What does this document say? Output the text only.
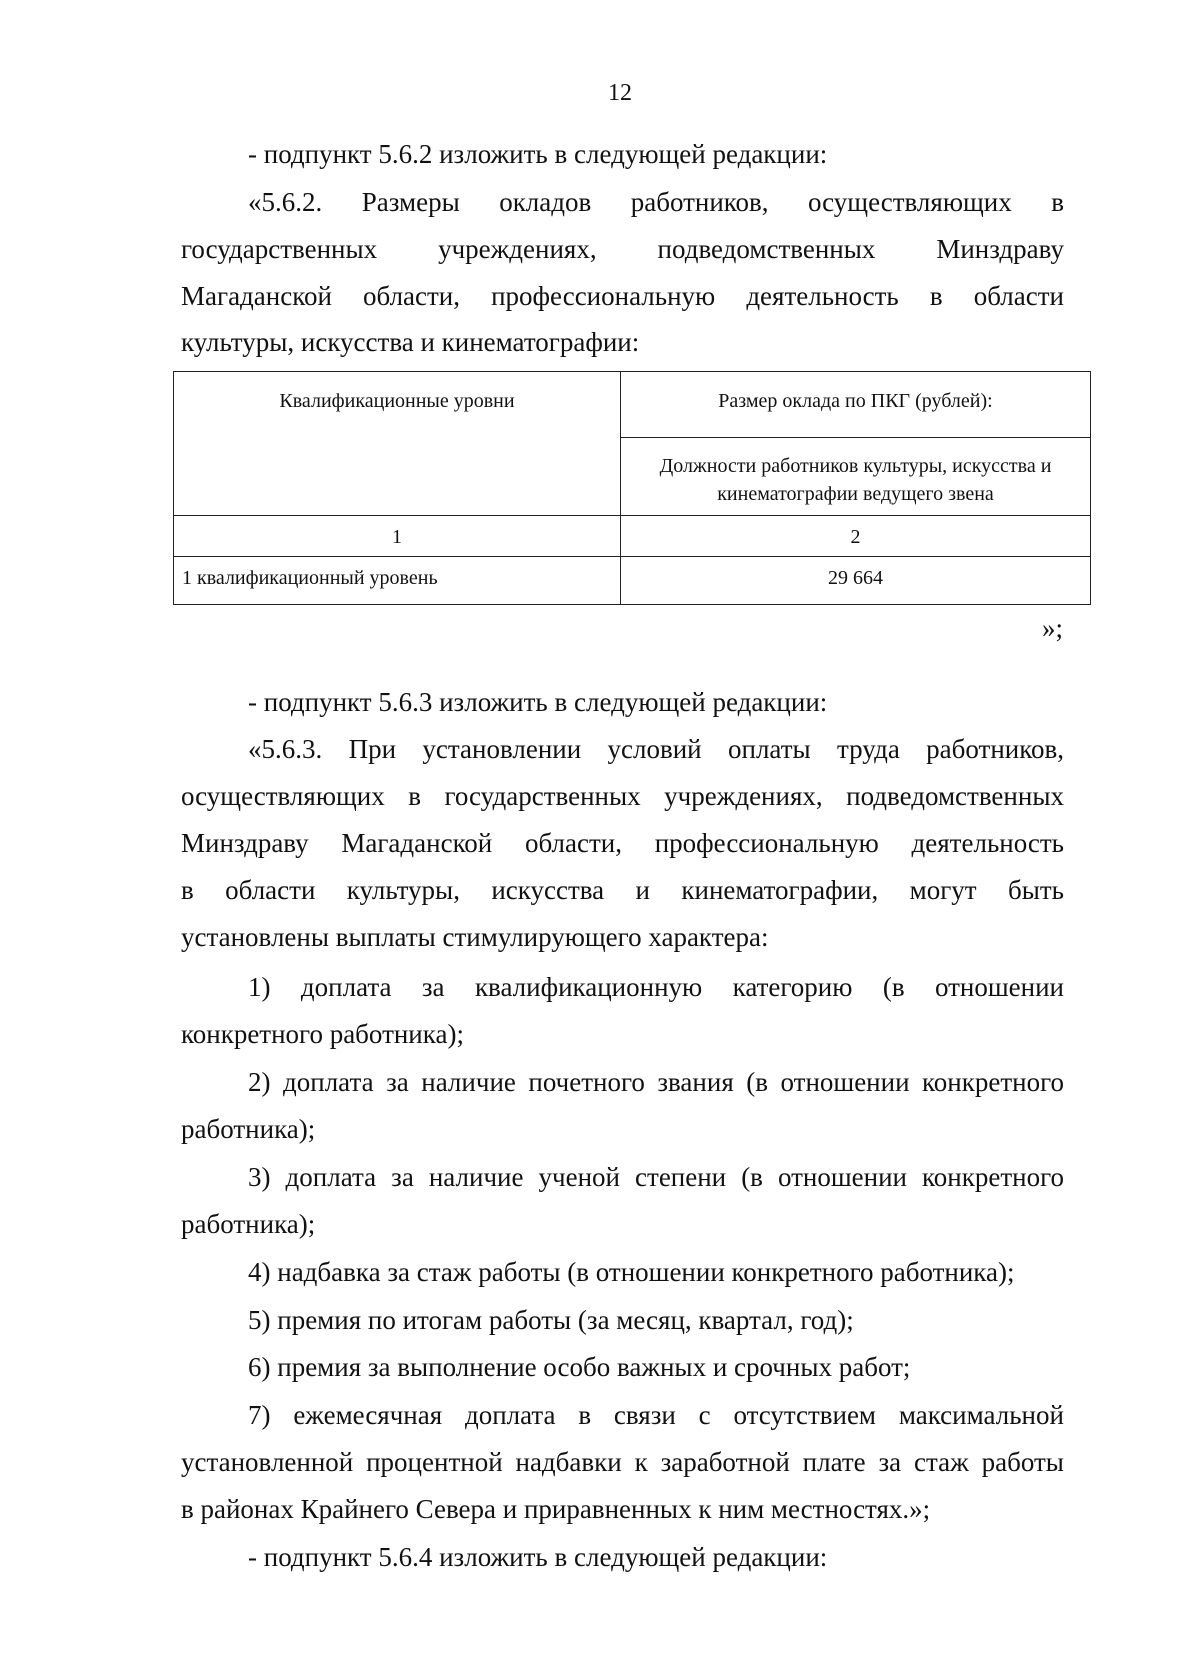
12
- подпункт 5.6.2 изложить в следующей редакции:
«5.6.2. Размеры окладов работников, осуществляющих в
государственных учреждениях, подведомственных Минздраву
Магаданской области, профессиональную деятельность в области
культуры, искусства и кинематографии:
Квалификационные уровни	Размер оклада по ПКГ (рублей):
	Должности работников культуры, искусства и кинематографии ведущего звена
1	2
1 квалификационный уровень	29 664
»;
- подпункт 5.6.3 изложить в следующей редакции:
«5.6.3. При установлении условий оплаты труда работников,
осуществляющих в государственных учреждениях, подведомственных
Минздраву Магаданской области, профессиональную деятельность
в области культуры, искусства и кинематографии, могут быть
установлены выплаты стимулирующего характера:
1) доплата за квалификационную категорию (в отношении
конкретного работника);
2) доплата за наличие почетного звания (в отношении конкретного
работника);
3) доплата за наличие ученой степени (в отношении конкретного
работника);
4) надбавка за стаж работы (в отношении конкретного работника);
5) премия по итогам работы (за месяц, квартал, год);
6) премия за выполнение особо важных и срочных работ;
7) ежемесячная доплата в связи с отсутствием максимальной
установленной процентной надбавки к заработной плате за стаж работы
в районах Крайнего Севера и приравненных к ним местностях.»;
- подпункт 5.6.4 изложить в следующей редакции:
